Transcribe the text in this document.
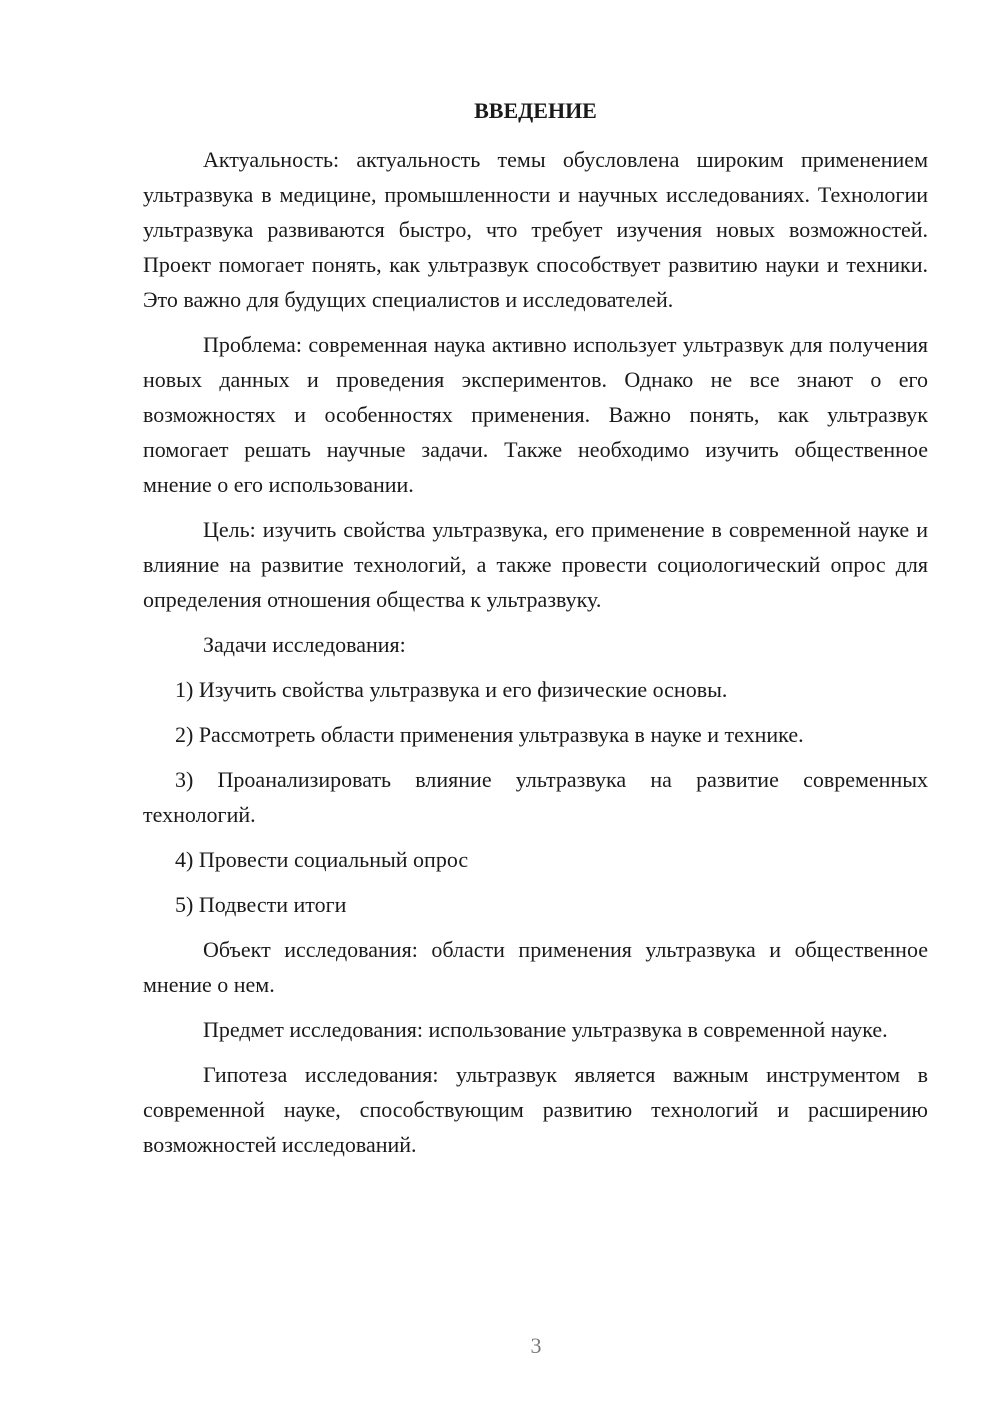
ВВЕДЕНИЕ

Актуальность: актуальность темы обусловлена широким применением ультразвука в медицине, промышленности и научных исследованиях. Технологии ультразвука развиваются быстро, что требует изучения новых возможностей. Проект помогает понять, как ультразвук способствует развитию науки и техники. Это важно для будущих специалистов и исследователей.

Проблема: современная наука активно использует ультразвук для получения новых данных и проведения экспериментов. Однако не все знают о его возможностях и особенностях применения. Важно понять, как ультразвук помогает решать научные задачи. Также необходимо изучить общественное мнение о его использовании.

Цель: изучить свойства ультразвука, его применение в современной науке и влияние на развитие технологий, а также провести социологический опрос для определения отношения общества к ультразвуку.

Задачи исследования:

1) Изучить свойства ультразвука и его физические основы.

2) Рассмотреть области применения ультразвука в науке и технике.

3) Проанализировать влияние ультразвука на развитие современных технологий.

4) Провести социальный опрос

5) Подвести итоги

Объект исследования: области применения ультразвука и общественное мнение о нем.

Предмет исследования: использование ультразвука в современной науке.

Гипотеза исследования: ультразвук является важным инструментом в современной науке, способствующим развитию технологий и расширению возможностей исследований.

3
